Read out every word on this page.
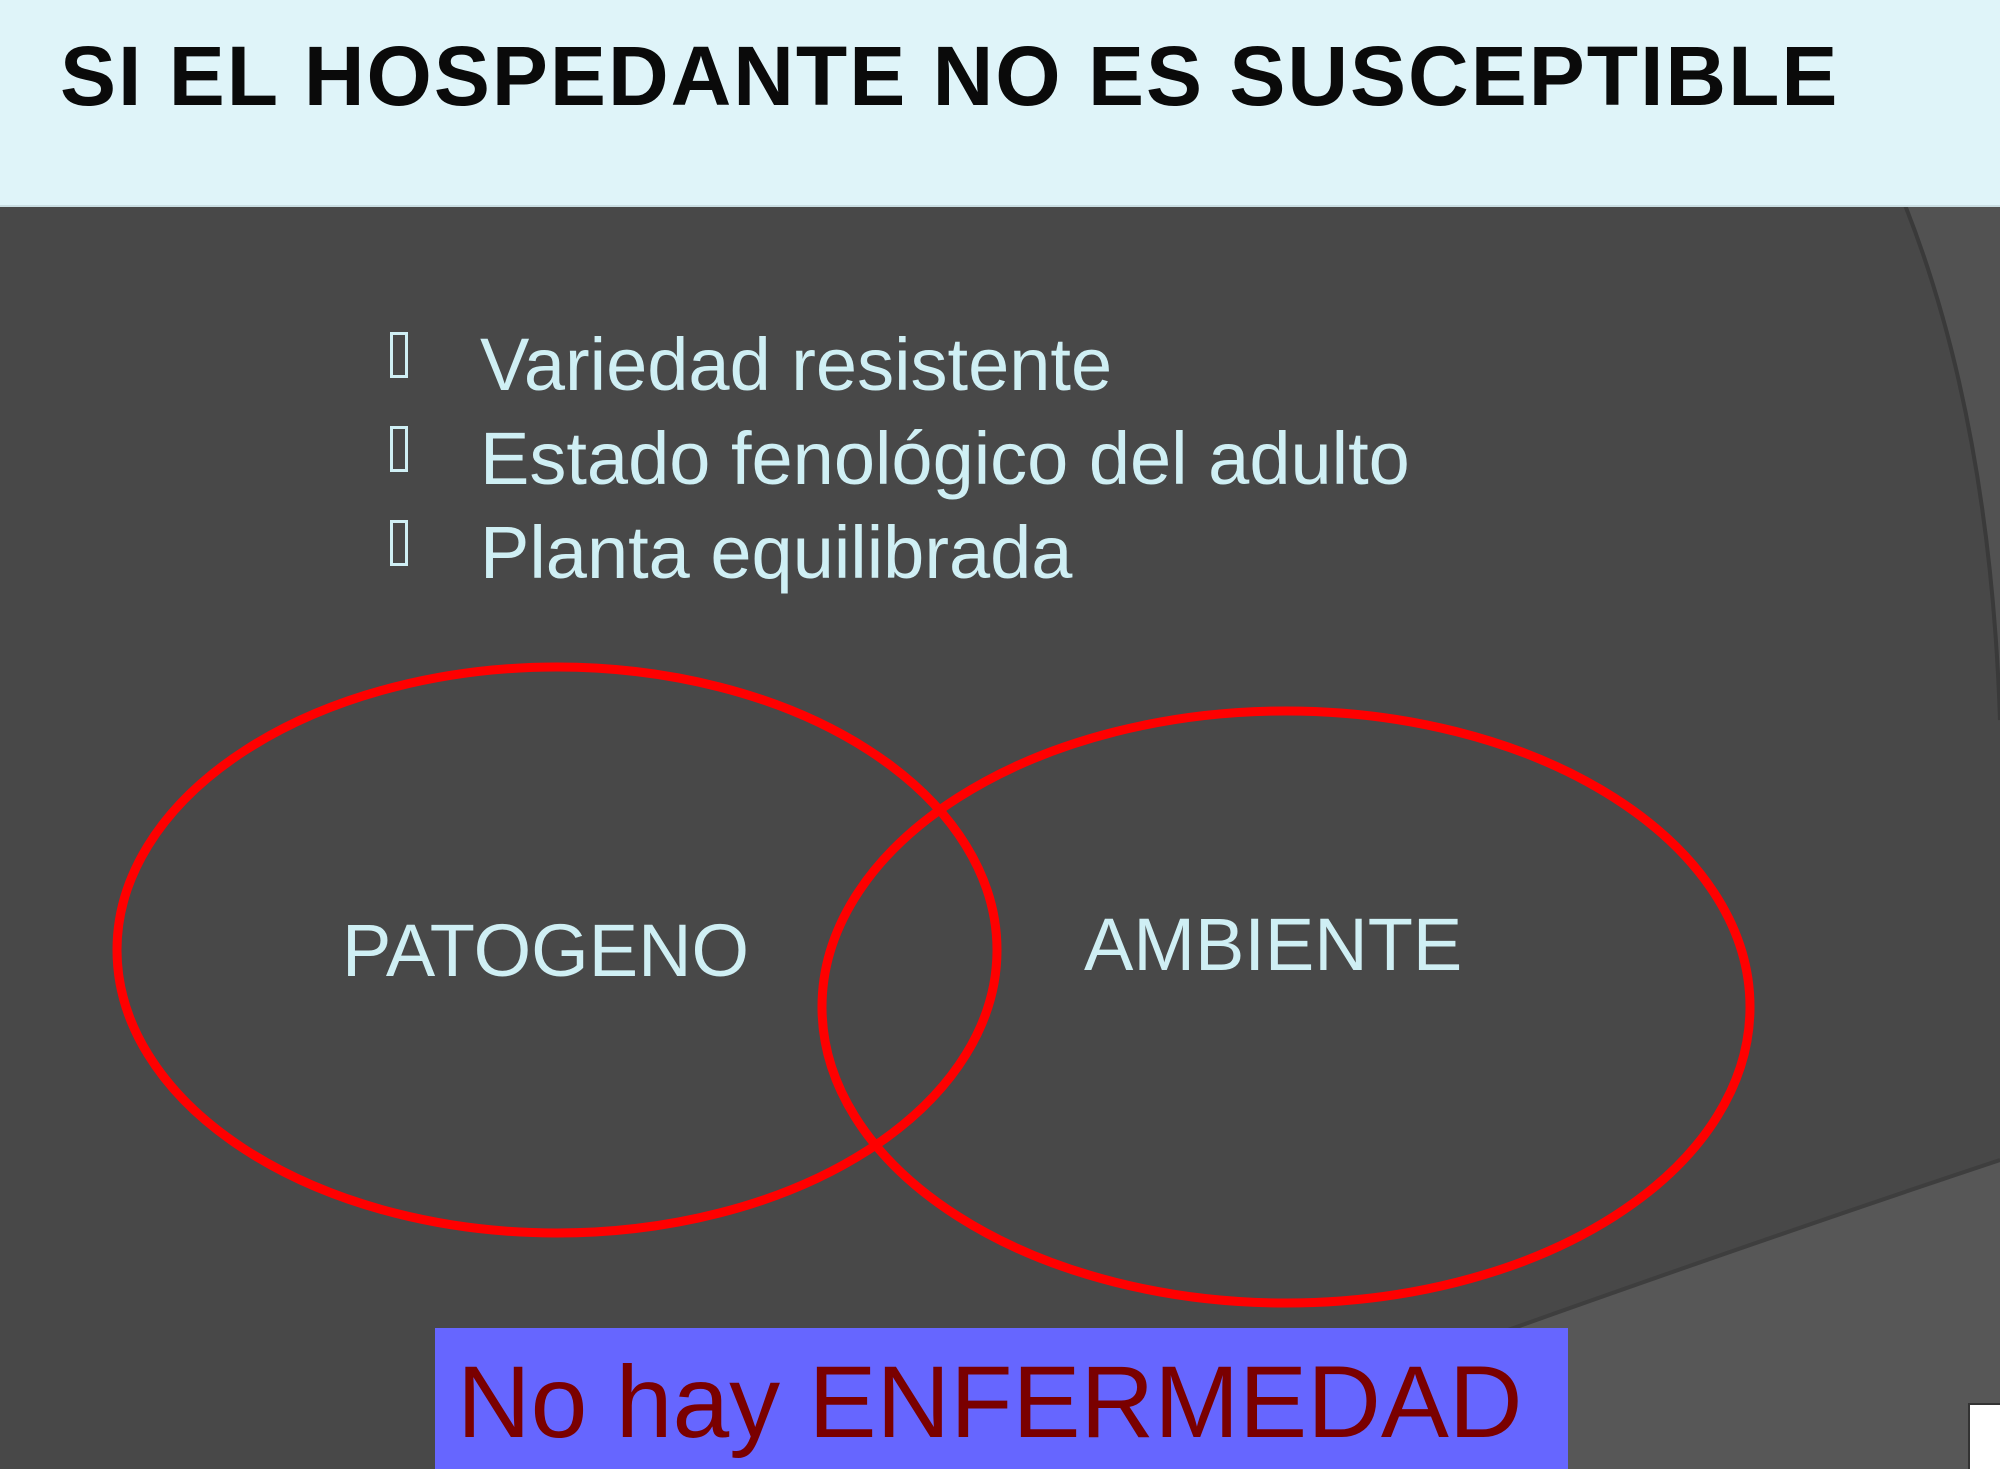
SI EL HOSPEDANTE NO ES SUSCEPTIBLE
Variedad resistente
Estado fenológico del adulto
Planta equilibrada
PATOGENO	AMBIENTE
No hay ENFERMEDAD
